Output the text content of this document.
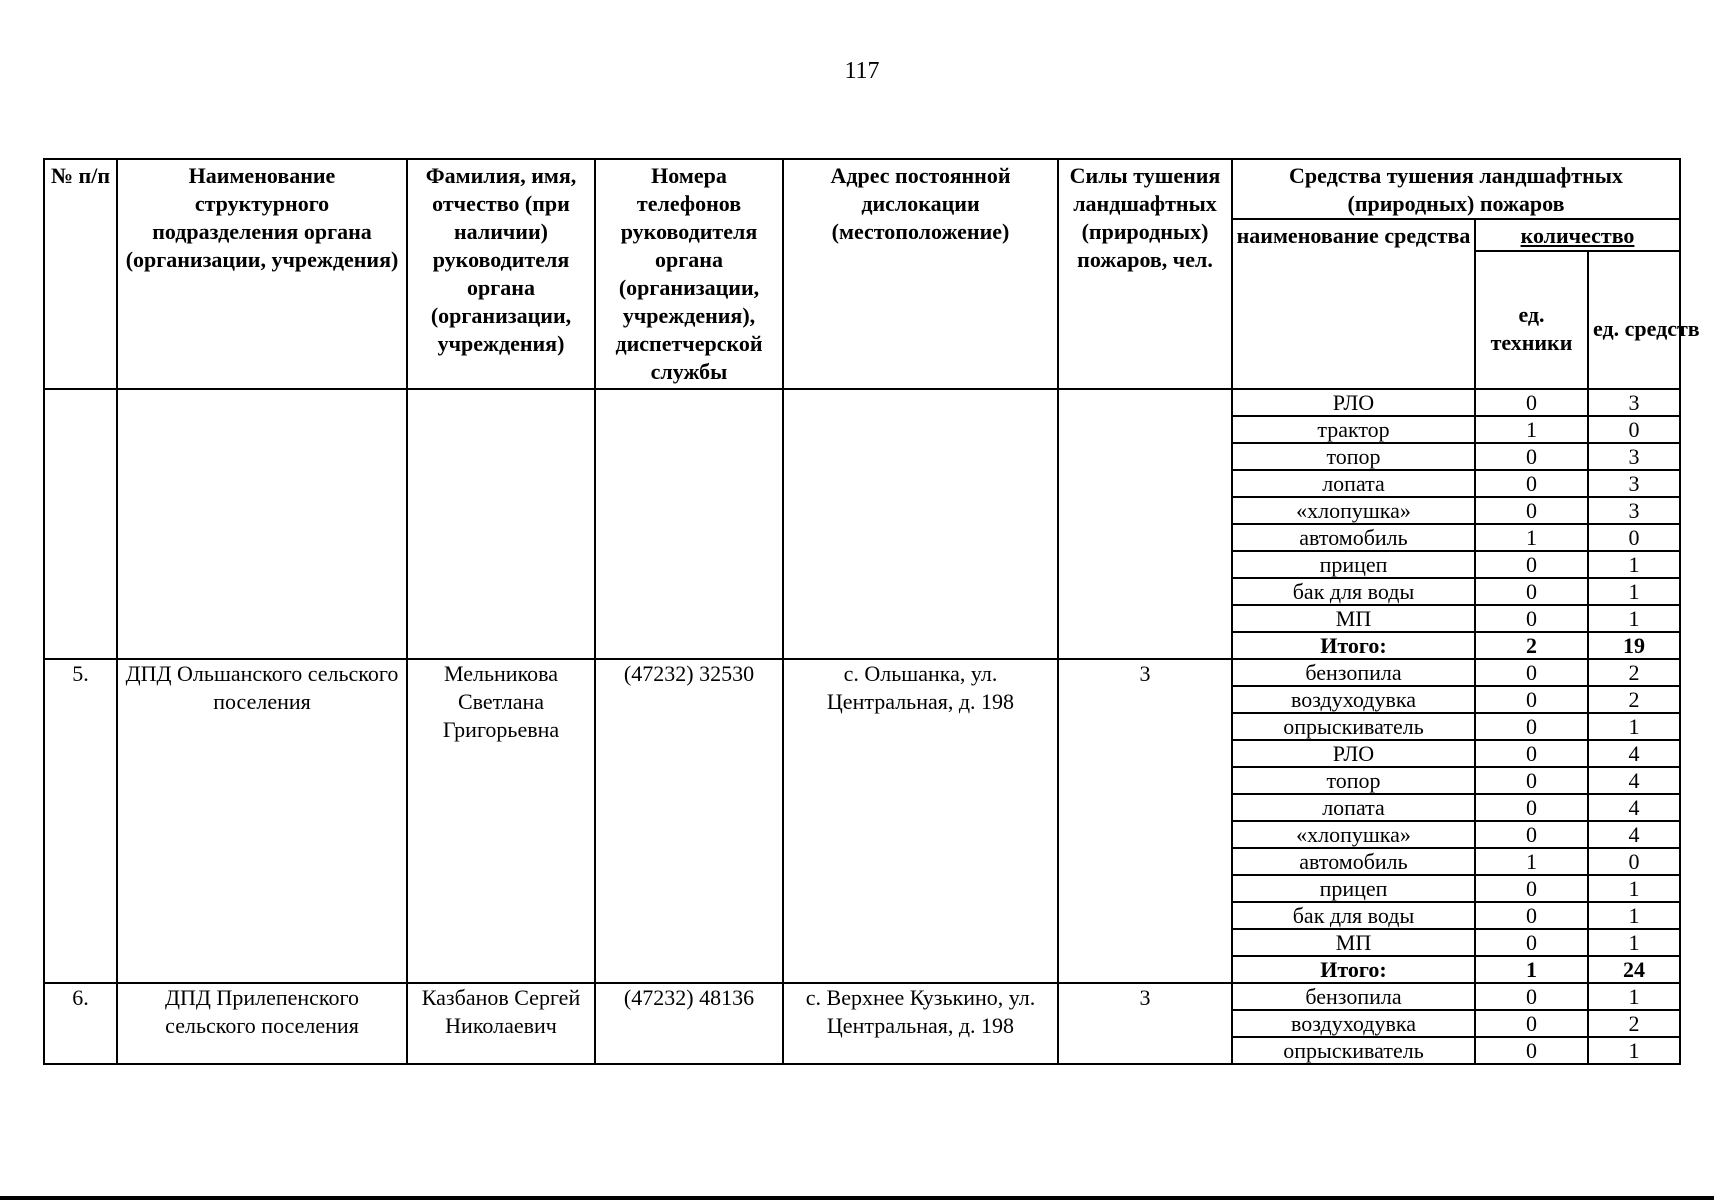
117
№ п/п	Наименование структурного подразделения органа (организации, учреждения)	Фамилия, имя, отчество (при наличии) руководителя органа (организации, учреждения)	Номера телефонов руководителя органа (организации, учреждения), диспетчерской службы	Адрес постоянной дислокации (местоположение)	Силы тушения ландшафтных (природных) пожаров, чел.	Средства тушения ландшафтных (природных) пожаров		
						наименование средства	количество	
							ед. техники	ед. средств
						РЛО	0	3
						трактор	1	0
						топор	0	3
						лопата	0	3
						«хлопушка»	0	3
						автомобиль	1	0
						прицеп	0	1
						бак для воды	0	1
						МП	0	1
						Итого:	2	19
5.	ДПД Ольшанского сельского поселения	Мельникова Светлана Григорьевна	(47232) 32530	с. Ольшанка, ул. Центральная, д. 198	3	бензопила	0	2
						воздуходувка	0	2
						опрыскиватель	0	1
						РЛО	0	4
						топор	0	4
						лопата	0	4
						«хлопушка»	0	4
						автомобиль	1	0
						прицеп	0	1
						бак для воды	0	1
						МП	0	1
						Итого:	1	24
6.	ДПД Прилепенского сельского поселения	Казбанов Сергей Николаевич	(47232) 48136	с. Верхнее Кузькино, ул. Центральная, д. 198	3	бензопила	0	1
						воздуходувка	0	2
						опрыскиватель	0	1
